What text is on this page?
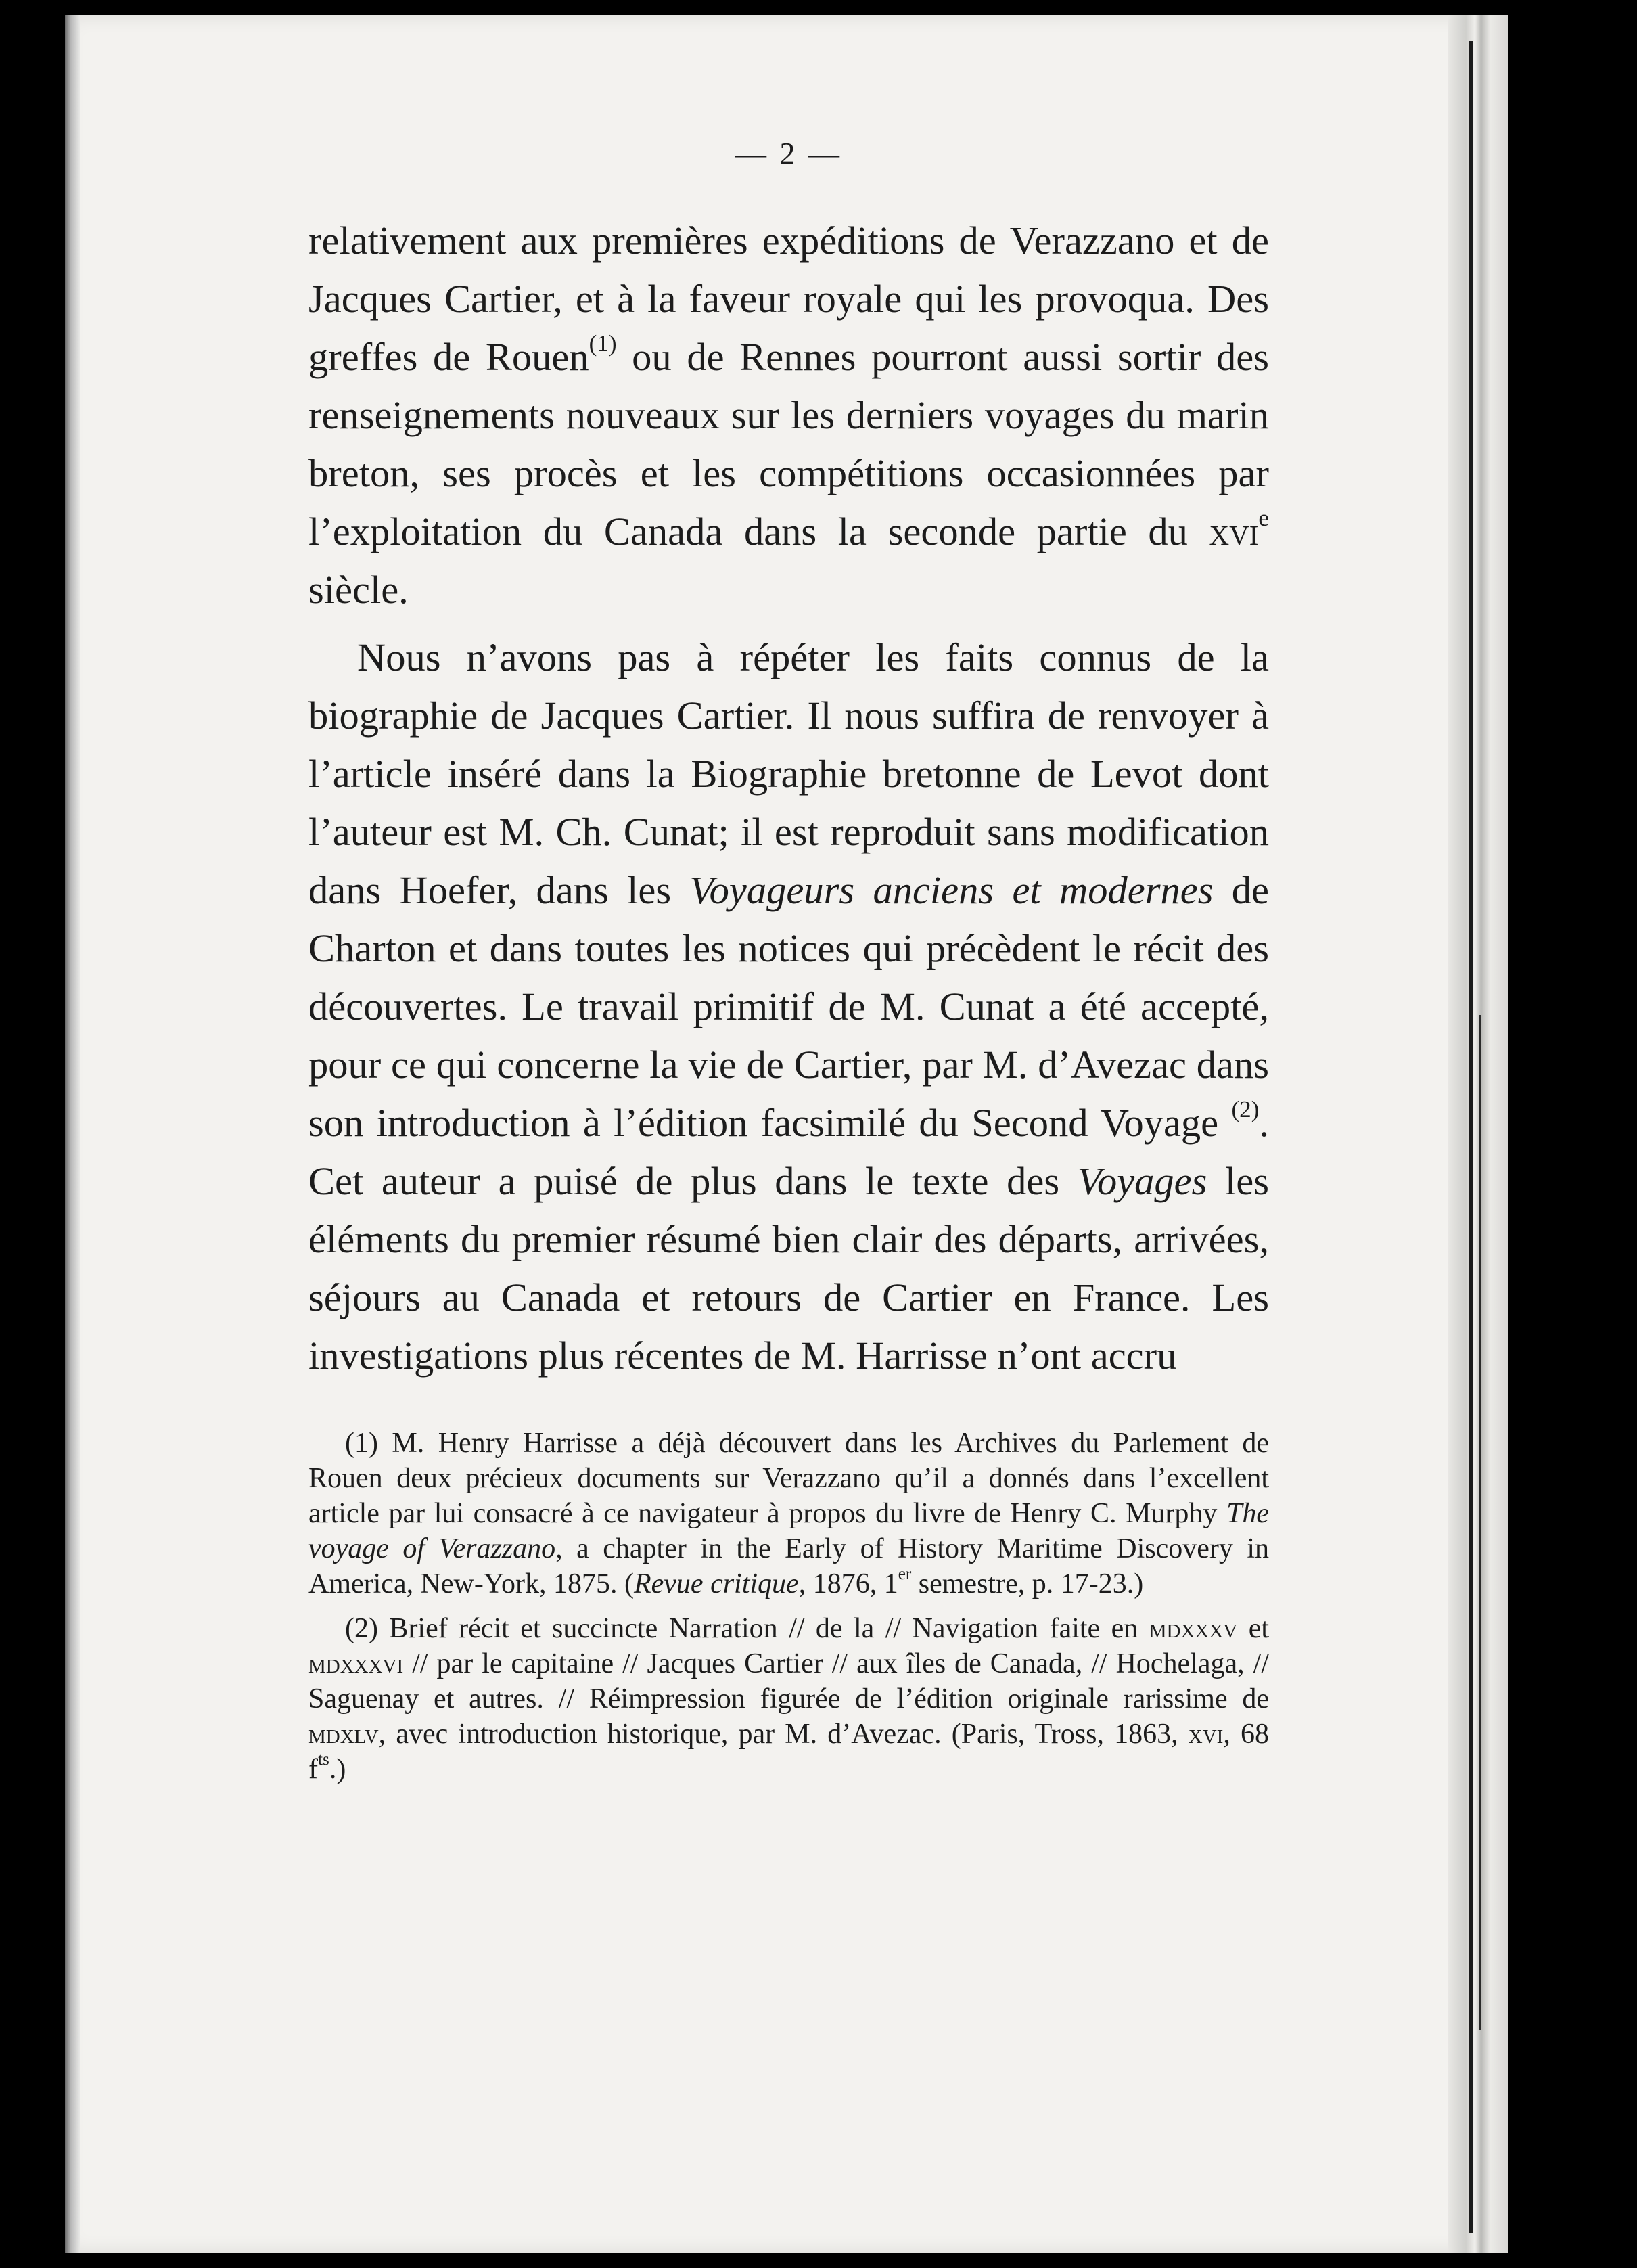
— 2 —

relativement aux premières expéditions de Verazzano et de Jacques Cartier, et à la faveur royale qui les provoqua. Des greffes de Rouen$^{(1)}$ ou de Rennes pourront aussi sortir des renseignements nouveaux sur les derniers voyages du marin breton, ses procès et les compétitions occasionnées par l’exploitation du Canada dans la seconde partie du xvi$^e$ siècle.

Nous n’avons pas à répéter les faits connus de la biographie de Jacques Cartier. Il nous suffira de renvoyer à l’article inséré dans la Biographie bretonne de Levot dont l’auteur est M. Ch. Cunat; il est reproduit sans modification dans Hoefer, dans les Voyageurs anciens et modernes de Charton et dans toutes les notices qui précèdent le récit des découvertes. Le travail primitif de M. Cunat a été accepté, pour ce qui concerne la vie de Cartier, par M. d’Avezac dans son introduction à l’édition facsimilé du Second Voyage $^{(2)}$. Cet auteur a puisé de plus dans le texte des Voyages les éléments du premier résumé bien clair des départs, arrivées, séjours au Canada et retours de Cartier en France. Les investigations plus récentes de M. Harrisse n’ont accru

(1) M. Henry Harrisse a déjà découvert dans les Archives du Parlement de Rouen deux précieux documents sur Verazzano qu’il a donnés dans l’excellent article par lui consacré à ce navigateur à propos du livre de Henry C. Murphy The voyage of Verazzano, a chapter in the Early of History Maritime Discovery in America, New-York, 1875. (Revue critique, 1876, 1er semestre, p. 17-23.)

(2) Brief récit et succincte Narration // de la // Navigation faite en mdxxxv et mdxxxvi // par le capitaine // Jacques Cartier // aux îles de Canada, // Hochelaga, // Saguenay et autres. // Réimpression figurée de l’édition originale rarissime de mdxlv, avec introduction historique, par M. d’Avezac. (Paris, Tross, 1863, xvi, 68 $f^{ts}$.)
